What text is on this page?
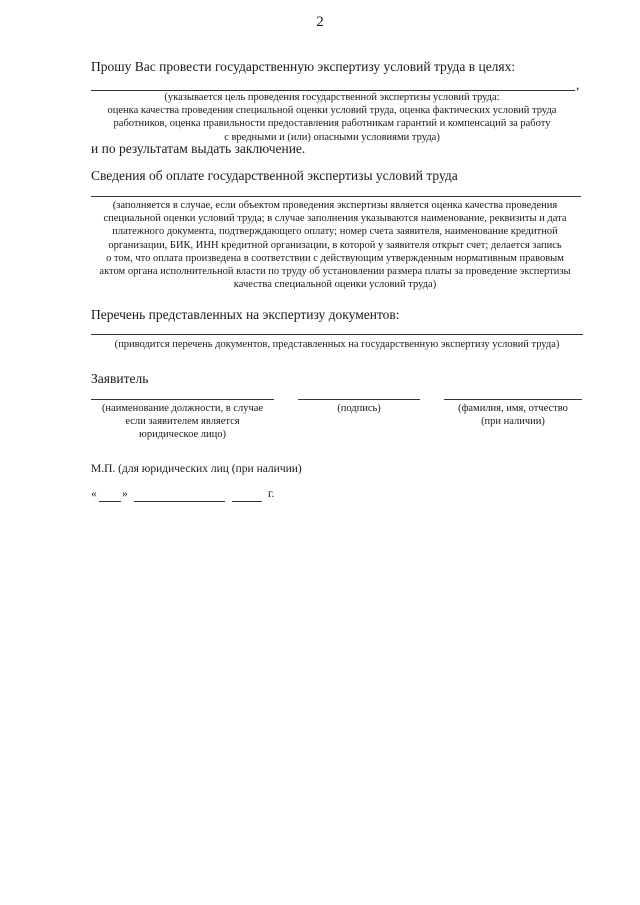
2
Прошу Вас провести государственную экспертизу условий труда в целях:
,
(указывается цель проведения государственной экспертизы условий труда:
оценка качества проведения специальной оценки условий труда, оценка фактических условий труда
работников, оценка правильности предоставления работникам гарантий и компенсаций за работу
с вредными и (или) опасными условиями труда)
и по результатам выдать заключение.
Сведения об оплате государственной экспертизы условий труда
(заполняется в случае, если объектом проведения экспертизы является оценка качества проведения
специальной оценки условий труда; в случае заполнения указываются наименование, реквизиты и дата
платежного документа, подтверждающего оплату; номер счета заявителя, наименование кредитной
организации, БИК, ИНН кредитной организации, в которой у заявителя открыт счет; делается запись
о том, что оплата произведена в соответствии с действующим утвержденным нормативным правовым
актом органа исполнительной власти по труду об установлении размера платы за проведение экспертизы
качества специальной оценки условий труда)
Перечень представленных на экспертизу документов:
(приводится перечень документов, представленных на государственную экспертизу условий труда)
Заявитель
(наименование должности, в случае
если заявителем является
юридическое лицо)
(подпись)	(фамилия, имя, отчество
(при наличии)
М.П. (для юридических лиц (при наличии)
« »	г.
